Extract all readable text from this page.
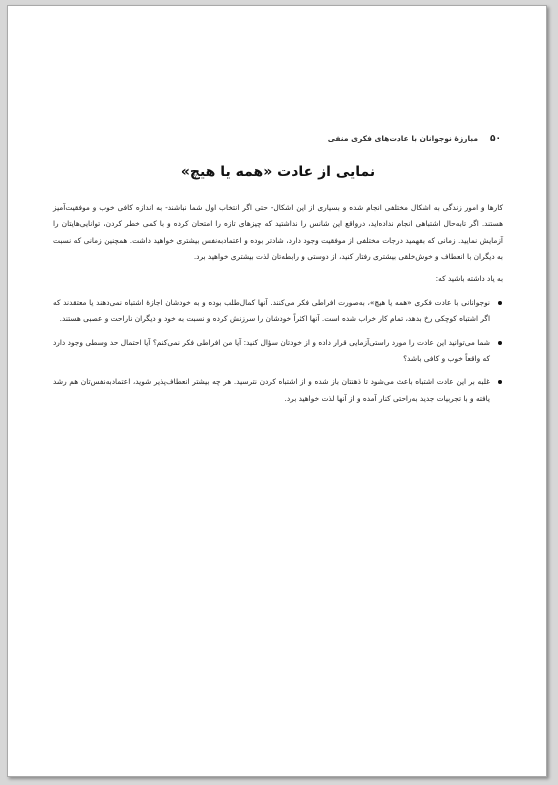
۵۰
مبارزهٔ نوجوانان با عادت‌های فکری منفی
نمایی از عادت «همه یا هیچ»

کارها و امور زندگی به اشکال مختلفی انجام شده و بسیاری از این اشکال- حتی اگر انتخاب اول شما نباشند- به اندازه کافی خوب و موفقیت‌آمیز هستند. اگر تابه‌حال اشتباهی انجام نداده‌اید، درواقع این شانس را نداشتید که چیزهای تازه را امتحان کرده و با کمی خطر کردن، توانایی‌هایتان را آزمایش نمایید. زمانی که بفهمید درجات مختلفی از موفقیت وجود دارد، شادتر بوده و اعتمادبه‌نفس بیشتری خواهید داشت. همچنین زمانی که نسبت به دیگران با انعطاف و خوش‌خلقی بیشتری رفتار کنید، از دوستی و رابطه‌تان لذت بیشتری خواهید برد.

به یاد داشته باشید که:

نوجوانانی با عادت فکری «همه یا هیچ»، به‌صورت افراطی فکر می‌کنند. آنها کمال‌طلب بوده و به خودشان اجازهٔ اشتباه نمی‌دهند یا معتقدند که اگر اشتباه کوچکی رخ بدهد، تمام کار خراب شده است. آنها اکثراً خودشان را سرزنش کرده و نسبت به خود و دیگران ناراحت و عصبی هستند.
شما می‌توانید این عادت را مورد راستی‌آزمایی قرار داده و از خودتان سؤال کنید: آیا من افراطی فکر نمی‌کنم؟ آیا احتمال حد وسطی وجود دارد که واقعاً خوب و کافی باشد؟
غلبه بر این عادت اشتباه باعث می‌شود تا ذهنتان باز شده و از اشتباه کردن نترسید. هر چه بیشتر انعطاف‌پذیر شوید، اعتمادبه‌نفس‌تان هم رشد یافته و با تجربیات جدید به‌راحتی کنار آمده و از آنها لذت خواهید برد.
